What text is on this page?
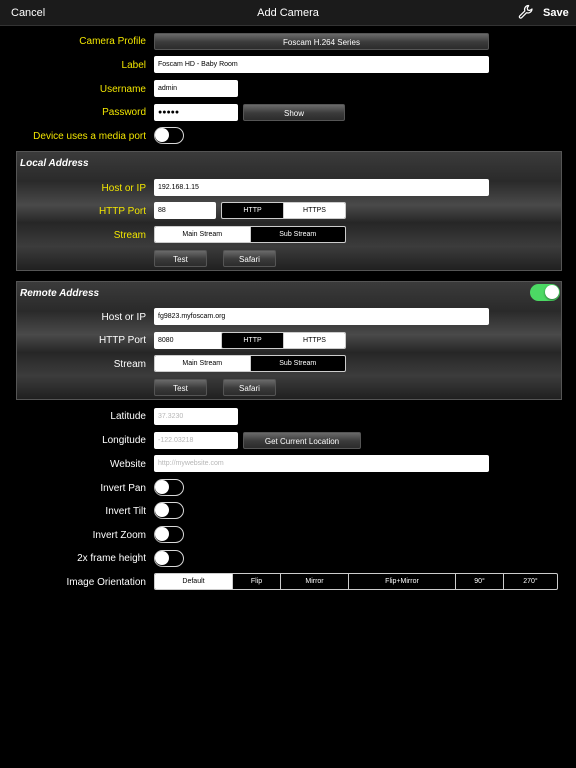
Add Camera
Cancel	Save
Camera Profile	Foscam H.264 Series
Label	Foscam HD - Baby Room
Username	admin
Password	●●●●●	Show
Device uses a media port
Local Address
Host or IP	192.168.1.15
HTTP Port	88	HTTP	HTTPS
Stream	Main Stream	Sub Stream
Test	Safari
Remote Address
Host or IP	fg9823.myfoscam.org
HTTP Port	8080	HTTP	HTTPS
Stream	Main Stream	Sub Stream
Test	Safari
Latitude	37.3230
Longitude	-122.03218	Get Current Location
Website	http://mywebsite.com
Invert Pan
Invert Tilt
Invert Zoom
2x frame height
Image Orientation	Default	Flip	Mirror	Flip+Mirror	90°	270°
